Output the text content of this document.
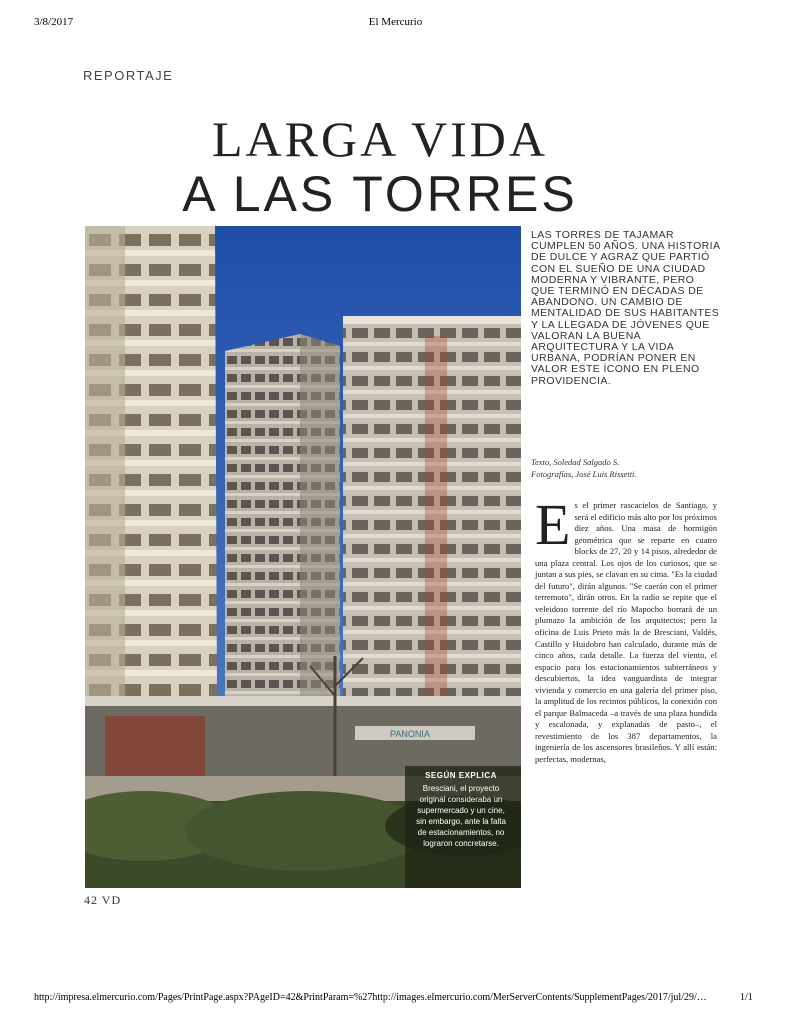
3/8/2017	El Mercurio
REPORTAJE
LARGA VIDA
A LAS TORRES
PANONIA
SEGÚN EXPLICA
Bresciani, el proyecto original consideraba un supermercado y un cine, sin embargo, ante la falta de estacionamientos, no lograron concretarse.
LAS TORRES DE TAJAMAR CUMPLEN 50 AÑOS. UNA HISTORIA DE DULCE Y AGRAZ QUE PARTIÓ CON EL SUEÑO DE UNA CIUDAD MODERNA Y VIBRANTE, PERO QUE TERMINÓ EN DÉCADAS DE ABANDONO. UN CAMBIO DE MENTALIDAD DE SUS HABITANTES Y LA LLEGADA DE JÓVENES QUE VALORAN LA BUENA ARQUITECTURA Y LA VIDA URBANA, PODRÍAN PONER EN VALOR ESTE ÍCONO EN PLENO PROVIDENCIA.
Texto, Soledad Salgado S.
Fotografías, José Luis Rissetti.
E s el primer rascacielos de Santiago, y será el edificio más alto por los próximos diez años. Una masa de hormigón geométrica que se reparte en cuatro blocks de 27, 20 y 14 pisos, alrededor de una plaza central. Los ojos de los curiosos, que se juntan a sus pies, se clavan en su cima. "Es la ciudad del futuro", dirán algunos. "Se caerán con el primer terremoto", dirán otros. En la radio se repite que el veleidoso torrente del río Mapocho borrará de un plumazo la ambición de los arquitectos; pero la oficina de Luis Prieto más la de Bresciani, Valdés, Castillo y Huidobro han calculado, durante más de cinco años, cada detalle. La fuerza del viento, el espacio para los estacionamientos subterráneos y descubiertos, la idea vanguardista de integrar vivienda y comercio en una galería del primer piso, la amplitud de los recintos públicos, la conexión con el parque Balmaceda –a través de una plaza hundida y escalonada, y explanadas de pasto–, el revestimiento de los 387 departamentos, la ingeniería de los ascensores brasileños. Y allí están: perfectas, modernas,
42 VD
http://impresa.elmercurio.com/Pages/PrintPage.aspx?PAgeID=42&PrintParam=%27http://images.elmercurio.com/MerServerContents/SupplementPages/2017/jul/29/…	1/1
